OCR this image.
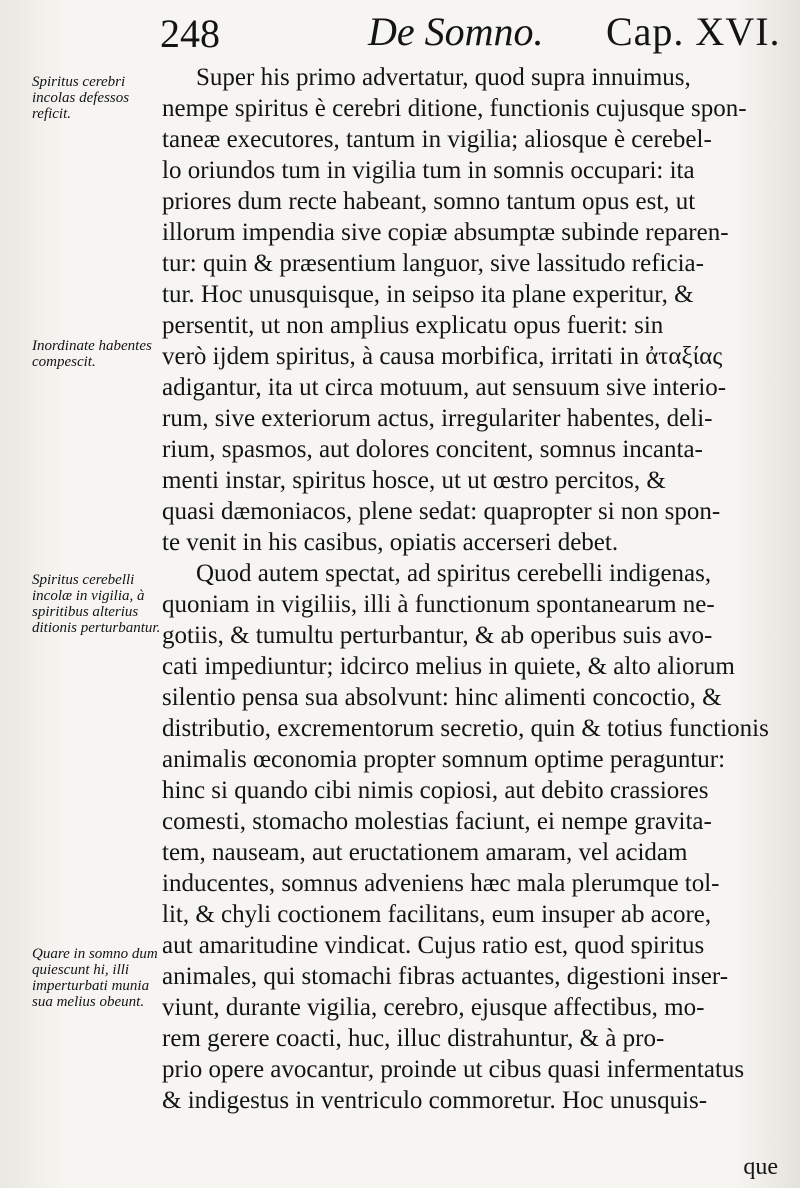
248	De Somno. Cap. XVI.
Spiritus cerebri incolas defessos reficit.
Inordinate habentes compescit.
Spiritus cerebelli incolæ in vigilia, à spiritibus alterius ditionis perturbantur.
Quare in somno dum quiescunt hi, illi imperturbati munia sua melius obeunt.
Super his primo advertatur, quod supra innuimus,
nempe spiritus è cerebri ditione, functionis cujusque spon-
taneæ executores, tantum in vigilia; aliosque è cerebel-
lo oriundos tum in vigilia tum in somnis occupari: ita
priores dum recte habeant, somno tantum opus est, ut
illorum impendia sive copiæ absumptæ subinde reparen-
tur: quin & præsentium languor, sive lassitudo reficia-
tur. Hoc unusquisque, in seipso ita plane experitur, &
persentit, ut non amplius explicatu opus fuerit: sin
verò ijdem spiritus, à causa morbifica, irritati in ἀταξίας
adigantur, ita ut circa motuum, aut sensuum sive interio-
rum, sive exteriorum actus, irregulariter habentes, deli-
rium, spasmos, aut dolores concitent, somnus incanta-
menti instar, spiritus hosce, ut ut œstro percitos, &
quasi dæmoniacos, plene sedat: quapropter si non spon-
te venit in his casibus, opiatis accerseri debet.
Quod autem spectat, ad spiritus cerebelli indigenas,
quoniam in vigiliis, illi à functionum spontanearum ne-
gotiis, & tumultu perturbantur, & ab operibus suis avo-
cati impediuntur; idcirco melius in quiete, & alto aliorum
silentio pensa sua absolvunt: hinc alimenti concoctio, &
distributio, excrementorum secretio, quin & totius functionis
animalis œconomia propter somnum optime peraguntur:
hinc si quando cibi nimis copiosi, aut debito crassiores
comesti, stomacho molestias faciunt, ei nempe gravita-
tem, nauseam, aut eructationem amaram, vel acidam
inducentes, somnus adveniens hæc mala plerumque tol-
lit, & chyli coctionem facilitans, eum insuper ab acore,
aut amaritudine vindicat. Cujus ratio est, quod spiritus
animales, qui stomachi fibras actuantes, digestioni inser-
viunt, durante vigilia, cerebro, ejusque affectibus, mo-
rem gerere coacti, huc, illuc distrahuntur, & à pro-
prio opere avocantur, proinde ut cibus quasi infermentatus
& indigestus in ventriculo commoretur. Hoc unusquis-
que
